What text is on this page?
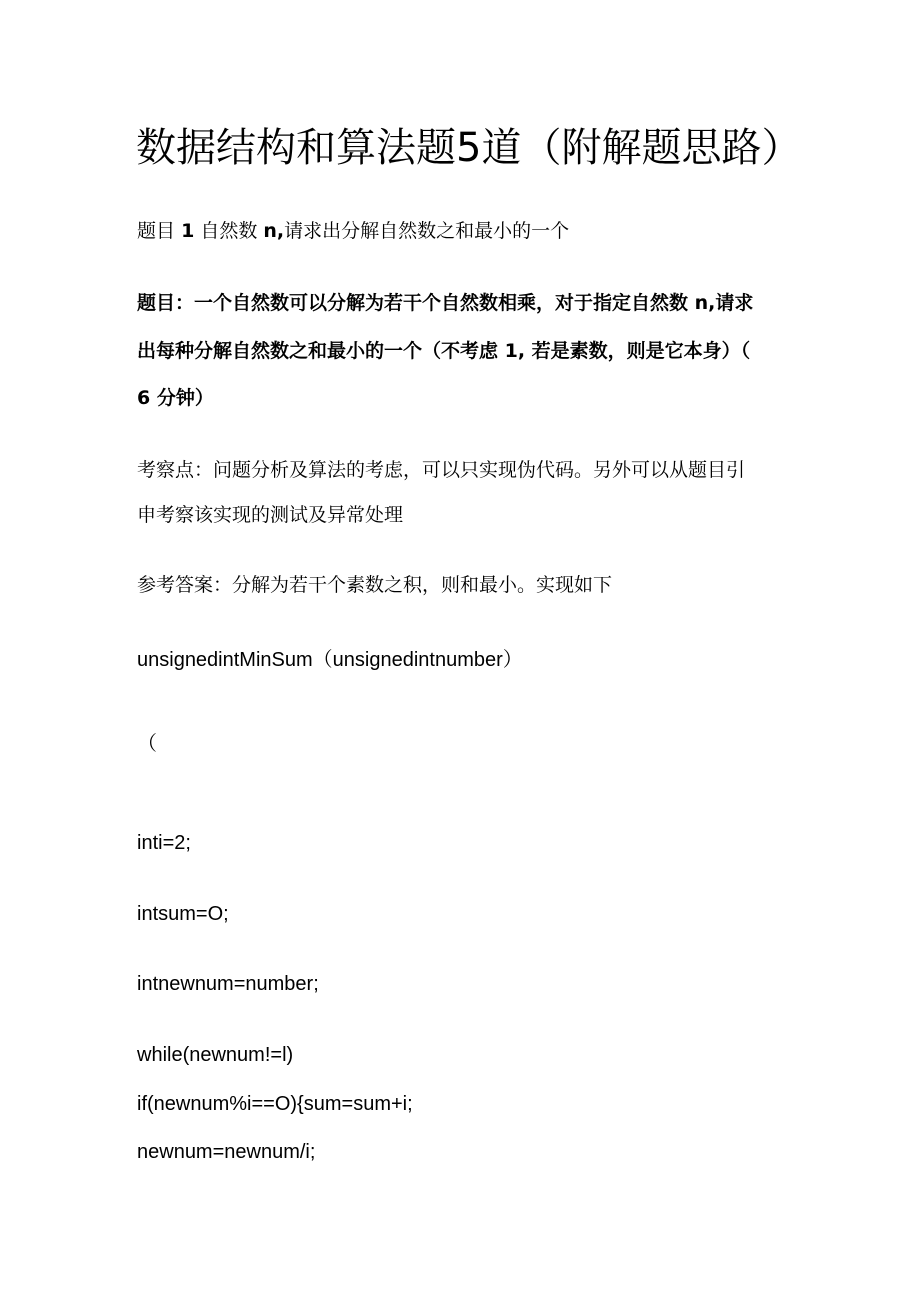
数据结构和算法题5道（附解题思路）
题目 1 自然数 n,请求出分解自然数之和最小的一个

题目：一个自然数可以分解为若干个自然数相乘，对于指定自然数 n,请求

出每种分解自然数之和最小的一个（不考虑 1, 若是素数，则是它本身）（

6 分钟）

考察点：问题分析及算法的考虑，可以只实现伪代码。另外可以从题目引

申考察该实现的测试及异常处理

参考答案：分解为若干个素数之积，则和最小。实现如下

unsignedintMinSum（unsignedintnumber）

（

inti=2;

intsum=O;

intnewnum=number;

while(newnum!=l)

if(newnum%i==O){sum=sum+i;

newnum=newnum/i;
